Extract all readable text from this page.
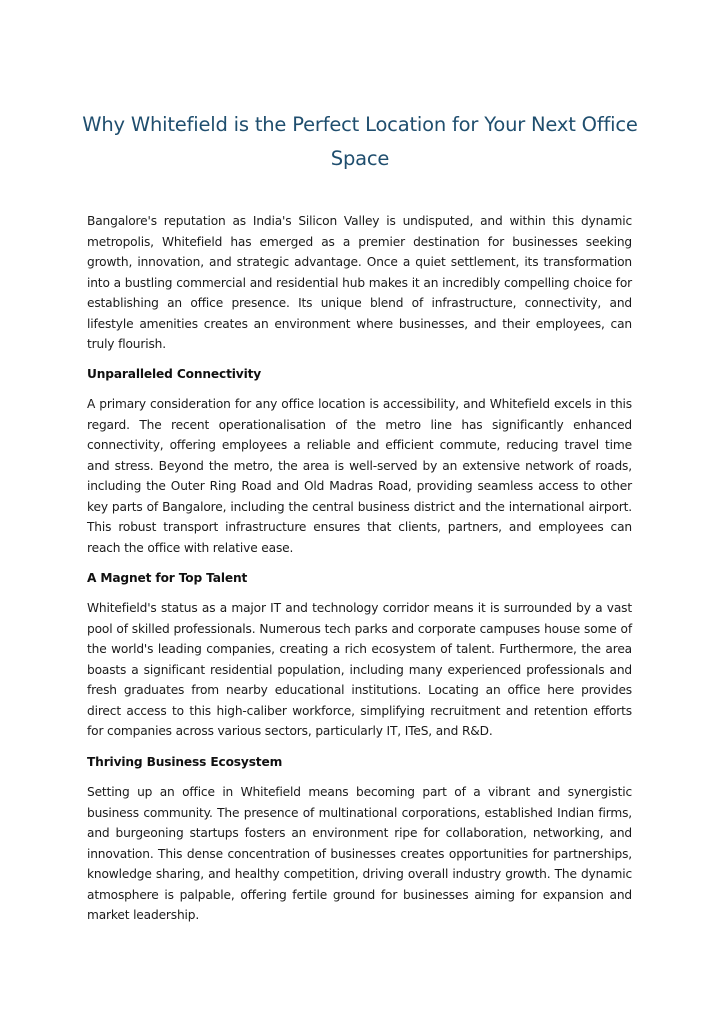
Why Whitefield is the Perfect Location for Your Next Office Space

Bangalore's reputation as India's Silicon Valley is undisputed, and within this dynamic metropolis, Whitefield has emerged as a premier destination for businesses seeking growth, innovation, and strategic advantage. Once a quiet settlement, its transformation into a bustling commercial and residential hub makes it an incredibly compelling choice for establishing an office presence. Its unique blend of infrastructure, connectivity, and lifestyle amenities creates an environment where businesses, and their employees, can truly flourish.

Unparalleled Connectivity

A primary consideration for any office location is accessibility, and Whitefield excels in this regard. The recent operationalisation of the metro line has significantly enhanced connectivity, offering employees a reliable and efficient commute, reducing travel time and stress. Beyond the metro, the area is well-served by an extensive network of roads, including the Outer Ring Road and Old Madras Road, providing seamless access to other key parts of Bangalore, including the central business district and the international airport. This robust transport infrastructure ensures that clients, partners, and employees can reach the office with relative ease.

A Magnet for Top Talent

Whitefield's status as a major IT and technology corridor means it is surrounded by a vast pool of skilled professionals. Numerous tech parks and corporate campuses house some of the world's leading companies, creating a rich ecosystem of talent. Furthermore, the area boasts a significant residential population, including many experienced professionals and fresh graduates from nearby educational institutions. Locating an office here provides direct access to this high-caliber workforce, simplifying recruitment and retention efforts for companies across various sectors, particularly IT, ITeS, and R&D.

Thriving Business Ecosystem

Setting up an office in Whitefield means becoming part of a vibrant and synergistic business community. The presence of multinational corporations, established Indian firms, and burgeoning startups fosters an environment ripe for collaboration, networking, and innovation. This dense concentration of businesses creates opportunities for partnerships, knowledge sharing, and healthy competition, driving overall industry growth. The dynamic atmosphere is palpable, offering fertile ground for businesses aiming for expansion and market leadership.
